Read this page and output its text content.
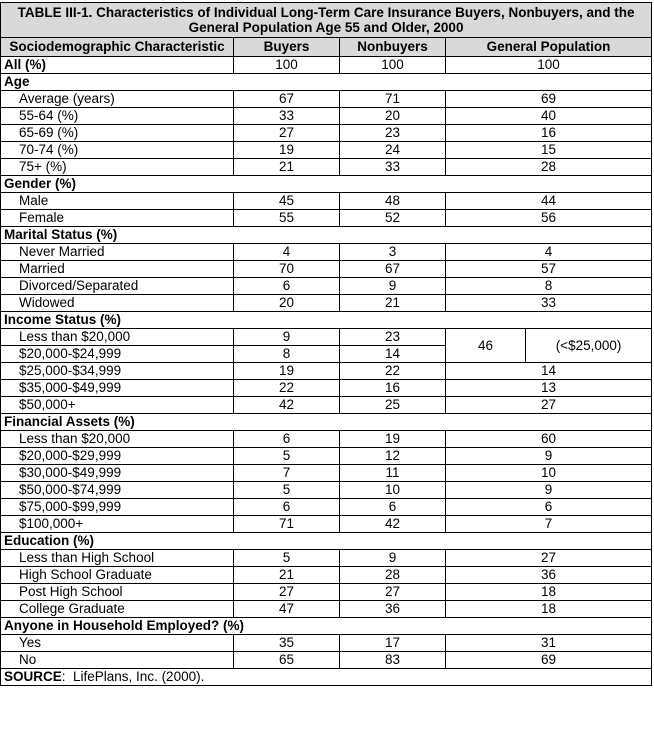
TABLE III-1. Characteristics of Individual Long-Term Care Insurance Buyers, Nonbuyers, and the General Population Age 55 and Older, 2000				
Sociodemographic Characteristic	Buyers	Nonbuyers	General Population	
All (%)	100	100	100	
Age				
Average (years)	67	71	69	
55-64 (%)	33	20	40	
65-69 (%)	27	23	16	
70-74 (%)	19	24	15	
75+ (%)	21	33	28	
Gender (%)				
Male	45	48	44	
Female	55	52	56	
Marital Status (%)				
Never Married	4	3	4	
Married	70	67	57	
Divorced/Separated	6	9	8	
Widowed	20	21	33	
Income Status (%)				
Less than $20,000	9	23	46	(<$25,000)
$20,000-$24,999	8	14		
$25,000-$34,999	19	22	14	
$35,000-$49,999	22	16	13	
$50,000+	42	25	27	
Financial Assets (%)				
Less than $20,000	6	19	60	
$20,000-$29,999	5	12	9	
$30,000-$49,999	7	11	10	
$50,000-$74,999	5	10	9	
$75,000-$99,999	6	6	6	
$100,000+	71	42	7	
Education (%)				
Less than High School	5	9	27	
High School Graduate	21	28	36	
Post High School	27	27	18	
College Graduate	47	36	18	
Anyone in Household Employed? (%)				
Yes	35	17	31	
No	65	83	69	
SOURCE:  LifePlans, Inc. (2000).				
